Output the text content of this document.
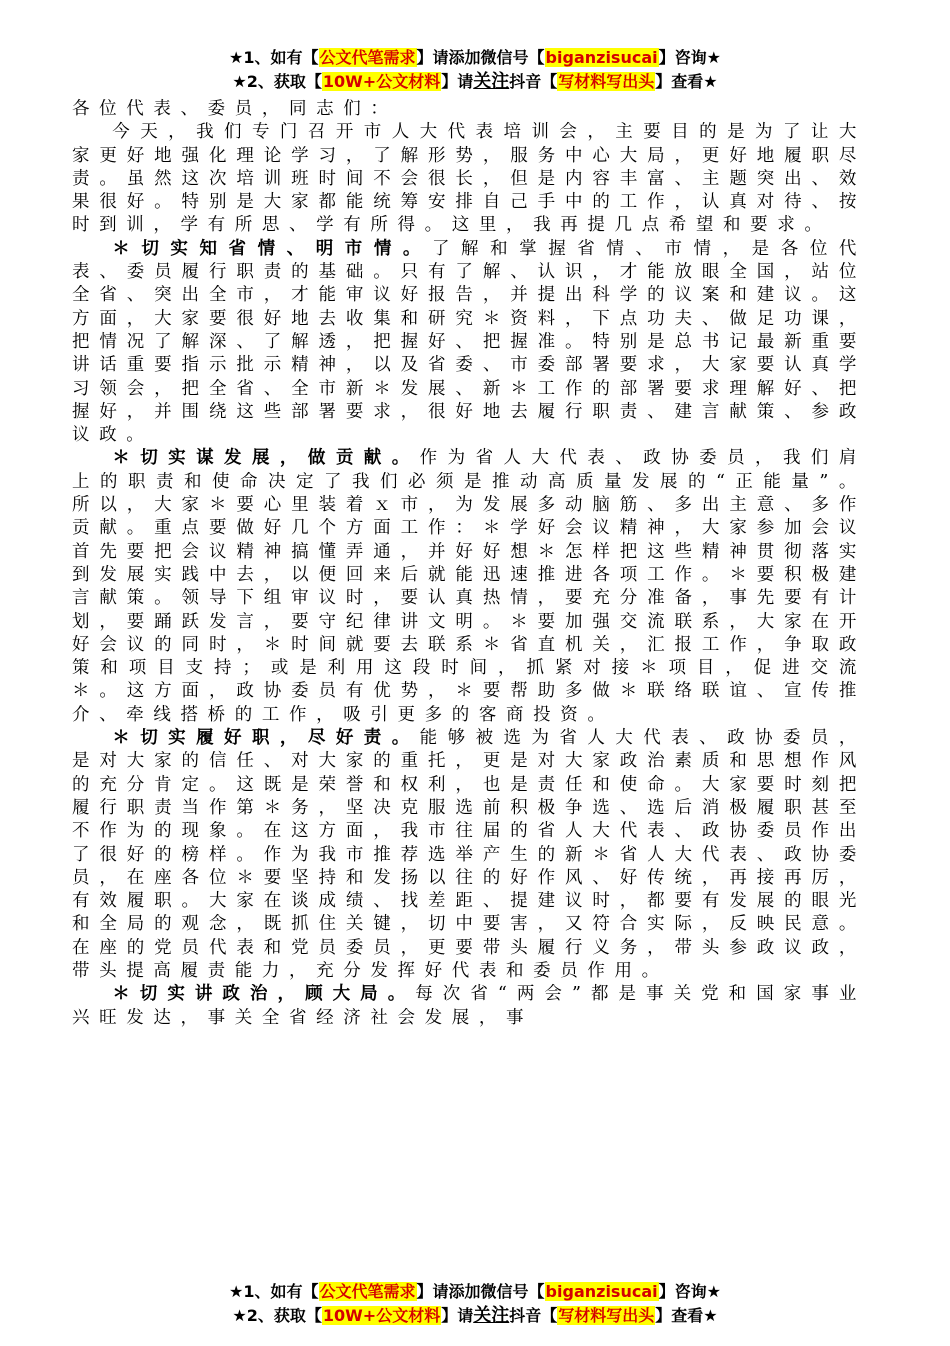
★1、如有【公文代笔需求】请添加微信号【biganzisucai】咨询★
★2、获取【10W+公文材料】请关注抖音【写材料写出头】查看★

各位代表、委员，同志们：

今天，我们专门召开市人大代表培训会，主要目的是为了让大家更好地强化理论学习，了解形势，服务中心大局，更好地履职尽责。虽然这次培训班时间不会很长，但是内容丰富、主题突出、效果很好。特别是大家都能统筹安排自己手中的工作，认真对待、按时到训，学有所思、学有所得。这里，我再提几点希望和要求。

＊切实知省情、明市情。了解和掌握省情、市情，是各位代表、委员履行职责的基础。只有了解、认识，才能放眼全国，站位全省、突出全市，才能审议好报告，并提出科学的议案和建议。这方面，大家要很好地去收集和研究＊资料，下点功夫、做足功课，把情况了解深、了解透，把握好、把握准。特别是总书记最新重要讲话重要指示批示精神，以及省委、市委部署要求，大家要认真学习领会，把全省、全市新＊发展、新＊工作的部署要求理解好、把握好，并围绕这些部署要求，很好地去履行职责、建言献策、参政议政。

＊切实谋发展，做贡献。作为省人大代表、政协委员，我们肩上的职责和使命决定了我们必须是推动高质量发展的“正能量”。所以，大家＊要心里装着ｘ市，为发展多动脑筋、多出主意、多作贡献。重点要做好几个方面工作：＊学好会议精神，大家参加会议首先要把会议精神搞懂弄通，并好好想＊怎样把这些精神贯彻落实到发展实践中去，以便回来后就能迅速推进各项工作。＊要积极建言献策。领导下组审议时，要认真热情，要充分准备，事先要有计划，要踊跃发言，要守纪律讲文明。＊要加强交流联系，大家在开好会议的同时，＊时间就要去联系＊省直机关，汇报工作，争取政策和项目支持；或是利用这段时间，抓紧对接＊项目，促进交流＊。这方面，政协委员有优势，＊要帮助多做＊联络联谊、宣传推介、牵线搭桥的工作，吸引更多的客商投资。

＊切实履好职，尽好责。能够被选为省人大代表、政协委员，是对大家的信任、对大家的重托，更是对大家政治素质和思想作风的充分肯定。这既是荣誉和权利，也是责任和使命。大家要时刻把履行职责当作第＊务，坚决克服选前积极争选、选后消极履职甚至不作为的现象。在这方面，我市往届的省人大代表、政协委员作出了很好的榜样。作为我市推荐选举产生的新＊省人大代表、政协委员，在座各位＊要坚持和发扬以往的好作风、好传统，再接再厉，有效履职。大家在谈成绩、找差距、提建议时，都要有发展的眼光和全局的观念，既抓住关键，切中要害，又符合实际，反映民意。在座的党员代表和党员委员，更要带头履行义务，带头参政议政，带头提高履责能力，充分发挥好代表和委员作用。

＊切实讲政治，顾大局。每次省“两会”都是事关党和国家事业兴旺发达，事关全省经济社会发展，事

★1、如有【公文代笔需求】请添加微信号【biganzisucai】咨询★
★2、获取【10W+公文材料】请关注抖音【写材料写出头】查看★
